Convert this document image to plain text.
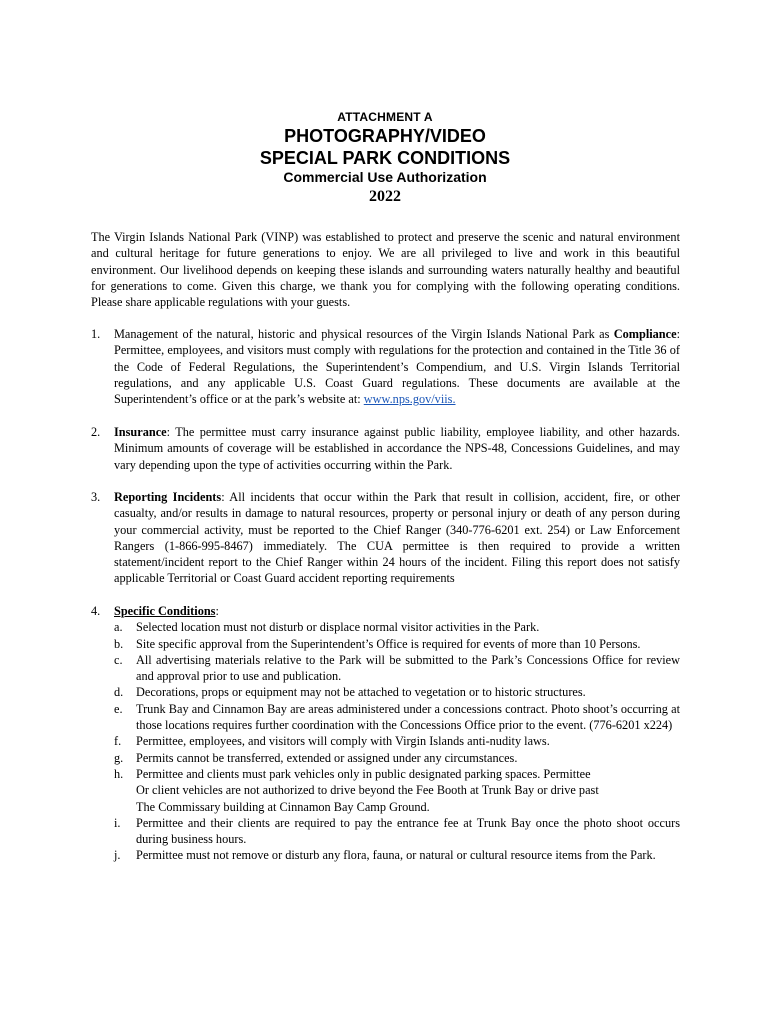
ATTACHMENT A

PHOTOGRAPHY/VIDEO

SPECIAL PARK CONDITIONS

Commercial Use Authorization

2022

The Virgin Islands National Park (VINP) was established to protect and preserve the scenic and natural environment and cultural heritage for future generations to enjoy. We are all privileged to live and work in this beautiful environment. Our livelihood depends on keeping these islands and surrounding waters naturally healthy and beautiful for generations to come. Given this charge, we thank you for complying with the following operating conditions. Please share applicable regulations with your guests.
1. Management of the natural, historic and physical resources of the Virgin Islands National Park as Compliance: Permittee, employees, and visitors must comply with regulations for the protection and contained in the Title 36 of the Code of Federal Regulations, the Superintendent’s Compendium, and U.S. Virgin Islands Territorial regulations, and any applicable U.S. Coast Guard regulations. These documents are available at the Superintendent’s office or at the park’s website at: www.nps.gov/viis.
2. Insurance: The permittee must carry insurance against public liability, employee liability, and other hazards. Minimum amounts of coverage will be established in accordance the NPS-48, Concessions Guidelines, and may vary depending upon the type of activities occurring within the Park.
3. Reporting Incidents: All incidents that occur within the Park that result in collision, accident, fire, or other casualty, and/or results in damage to natural resources, property or personal injury or death of any person during your commercial activity, must be reported to the Chief Ranger (340-776-6201 ext. 254) or Law Enforcement Rangers (1-866-995-8467) immediately. The CUA permittee is then required to provide a written statement/incident report to the Chief Ranger within 24 hours of the incident. Filing this report does not satisfy applicable Territorial or Coast Guard accident reporting requirements
4. Specific Conditions:
a. Selected location must not disturb or displace normal visitor activities in the Park.
b. Site specific approval from the Superintendent’s Office is required for events of more than 10 Persons.
c. All advertising materials relative to the Park will be submitted to the Park’s Concessions Office for review and approval prior to use and publication.
d. Decorations, props or equipment may not be attached to vegetation or to historic structures.
e. Trunk Bay and Cinnamon Bay are areas administered under a concessions contract. Photo shoot’s occurring at those locations requires further coordination with the Concessions Office prior to the event. (776-6201 x224)
f. Permittee, employees, and visitors will comply with Virgin Islands anti-nudity laws.
g. Permits cannot be transferred, extended or assigned under any circumstances.
h. Permittee and clients must park vehicles only in public designated parking spaces. Permittee
Or client vehicles are not authorized to drive beyond the Fee Booth at Trunk Bay or drive past
The Commissary building at Cinnamon Bay Camp Ground.
i. Permittee and their clients are required to pay the entrance fee at Trunk Bay once the photo shoot occurs during business hours.
j. Permittee must not remove or disturb any flora, fauna, or natural or cultural resource items from the Park.
